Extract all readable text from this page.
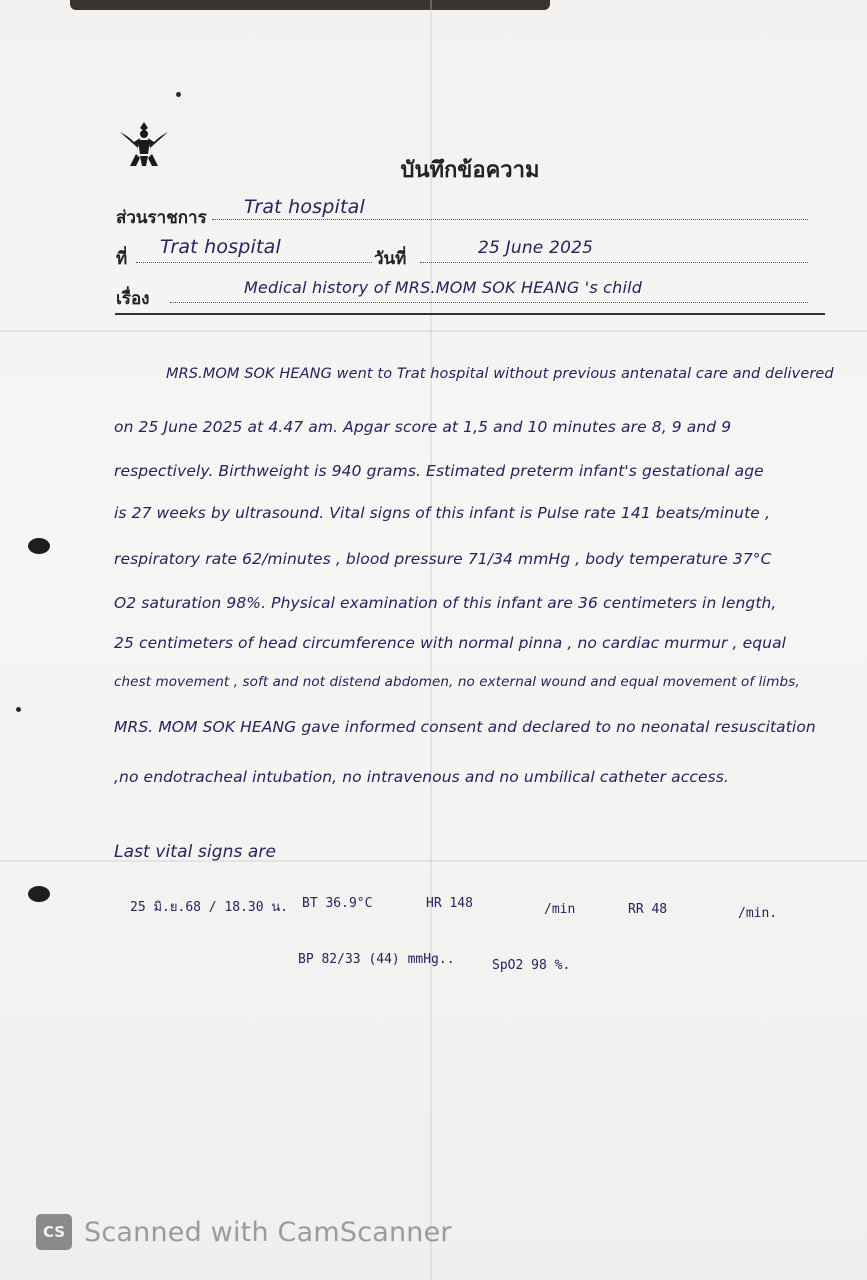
บันทึกข้อความ
ส่วนราชการ Trat hospital
ที่
Trat hospital
วันที่
25 June 2025
เรื่อง
Medical history of MRS.MOM SOK HEANG 's child
MRS.MOM SOK HEANG went to Trat hospital without previous antenatal care and delivered
on 25 June 2025 at 4.47 am. Apgar score at 1,5 and 10 minutes are 8, 9 and 9
respectively. Birthweight is 940 grams. Estimated preterm infant's gestational age
is 27 weeks by ultrasound. Vital signs of this infant is Pulse rate 141 beats/minute ,
respiratory rate 62/minutes , blood pressure 71/34 mmHg , body temperature 37°C
O2 saturation 98%. Physical examination of this infant are 36 centimeters in length,
25 centimeters of head circumference with normal pinna , no cardiac murmur , equal
chest movement , soft and not distend abdomen, no external wound and equal movement of limbs,
MRS. MOM SOK HEANG gave informed consent and declared to no neonatal resuscitation
,no endotracheal intubation, no intravenous and no umbilical catheter access.
Last vital signs are
25 มิ.ย.68 / 18.30 น. BT 36.9°C	HR 148	/min	RR 48	/min.
BP 82/33 (44) mmHg..	SpO2 98 %.
CS Scanned with CamScanner
